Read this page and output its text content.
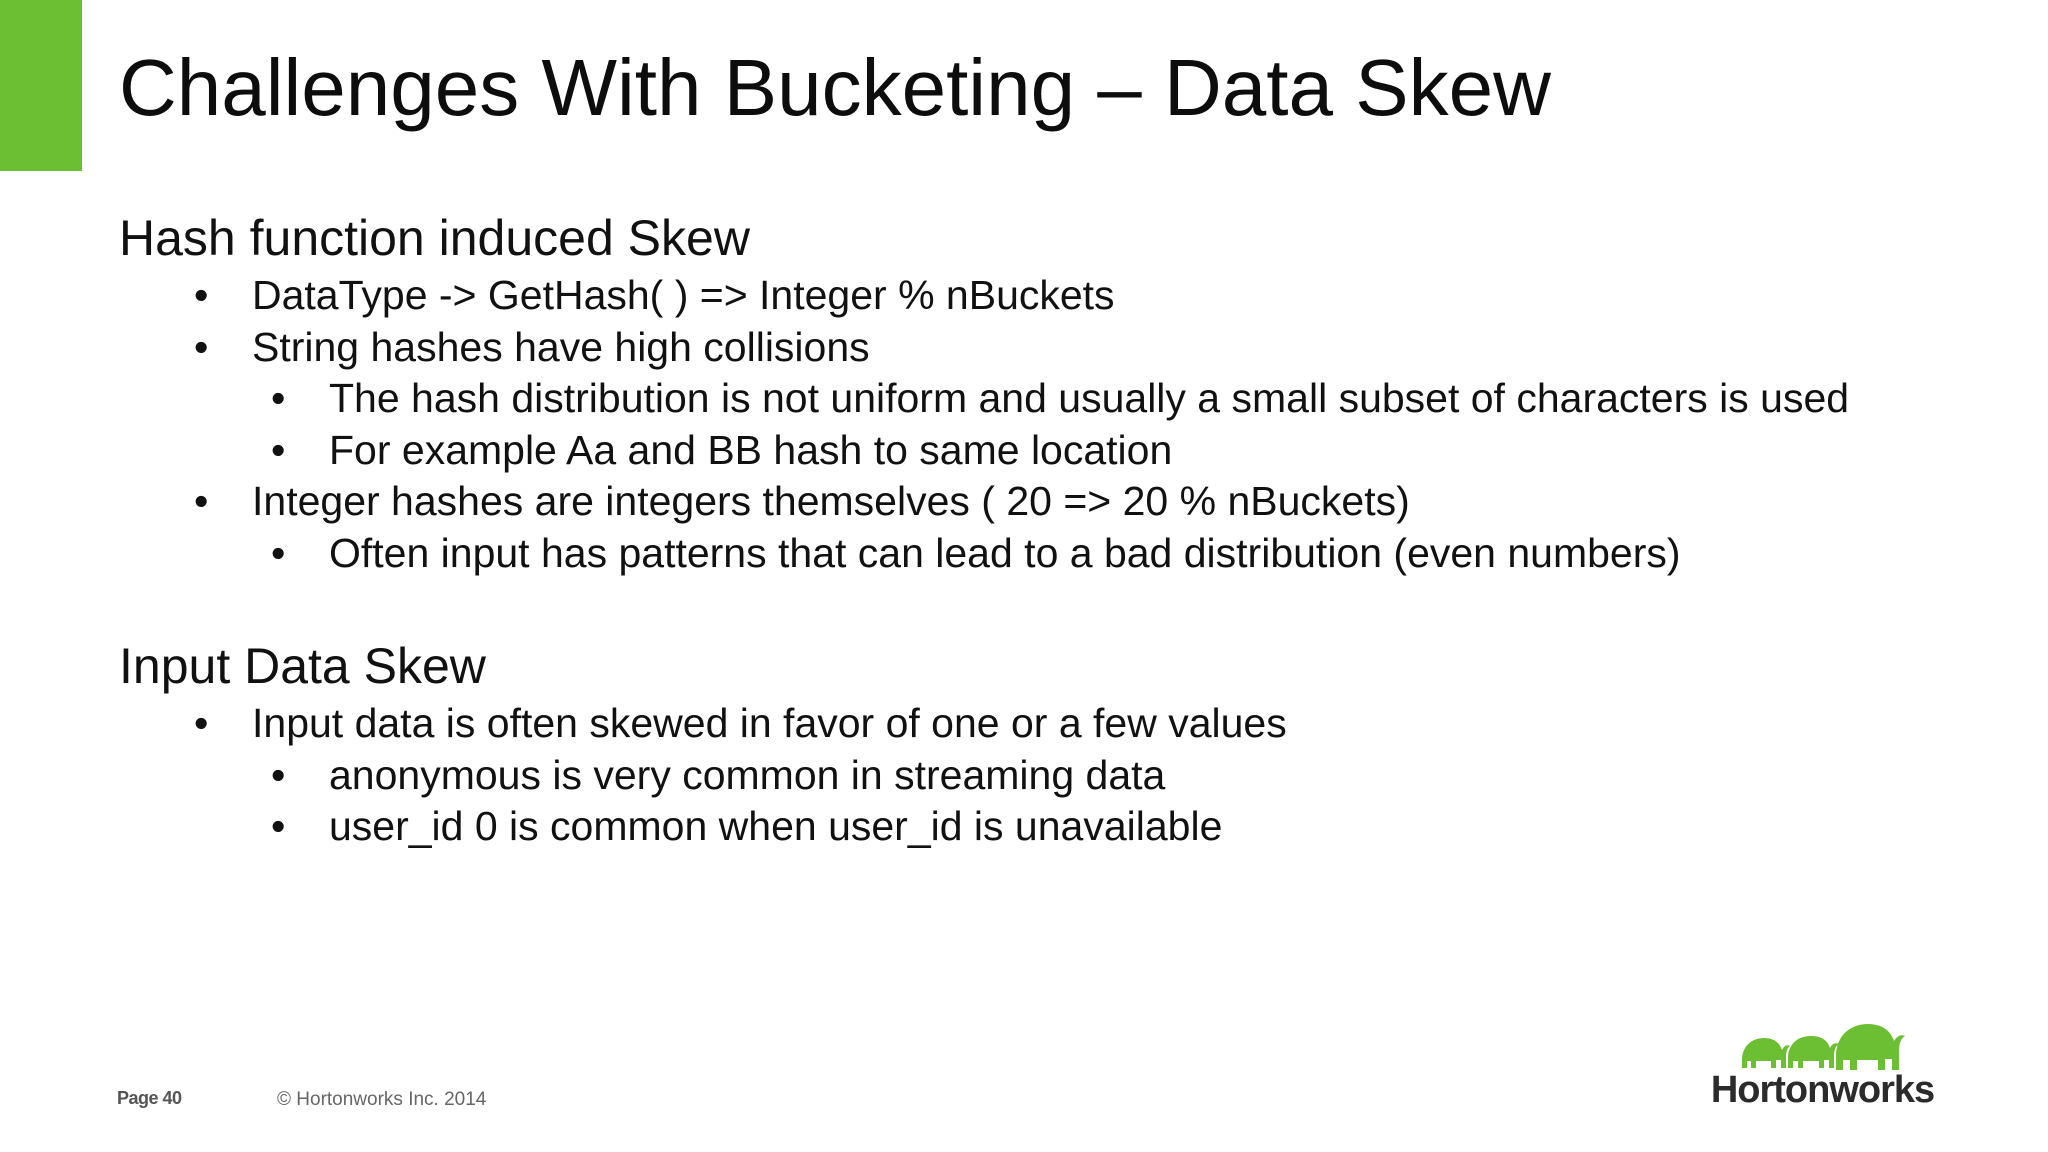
Challenges With Bucketing – Data Skew
Hash function induced Skew
• DataType -> GetHash( ) => Integer % nBuckets
• String hashes have high collisions
• The hash distribution is not uniform and usually a small subset of characters is used
• For example Aa and BB hash to same location
• Integer hashes are integers themselves ( 20 => 20 % nBuckets)
• Often input has patterns that can lead to a bad distribution (even numbers)
Input Data Skew
• Input data is often skewed in favor of one or a few values
• anonymous is very common in streaming data
• user_id 0 is common when user_id is unavailable
Page 40	© Hortonworks Inc. 2014	Hortonworks
